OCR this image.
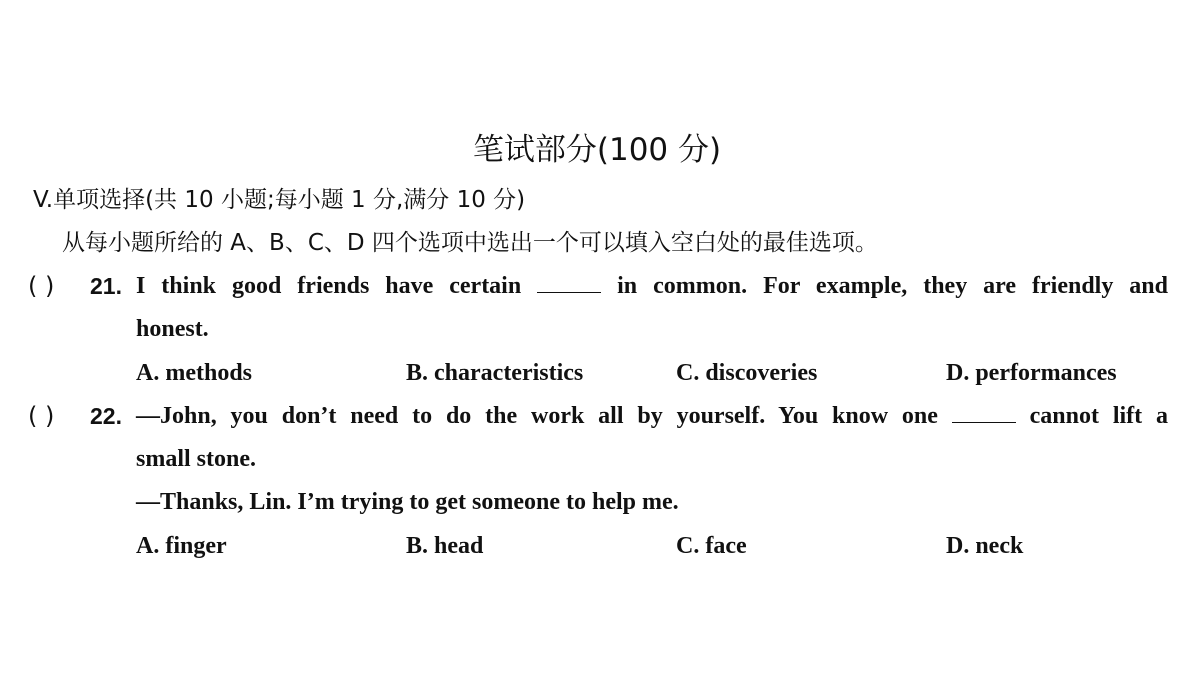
笔试部分(100 分)
V.单项选择(共 10 小题;每小题 1 分,满分 10 分)
从每小题所给的 A、B、C、D 四个选项中选出一个可以填入空白处的最佳选项。
( ) 21. I think good friends have certain	in common. For example, they are friendly and
honest.
A. methods	B. characteristics	C. discoveries	D. performances
( ) 22. —John, you don’t need to do the work all by yourself. You know one	cannot lift a
small stone.
—Thanks, Lin. I’m trying to get someone to help me.
A. finger	B. head	C. face	D. neck
